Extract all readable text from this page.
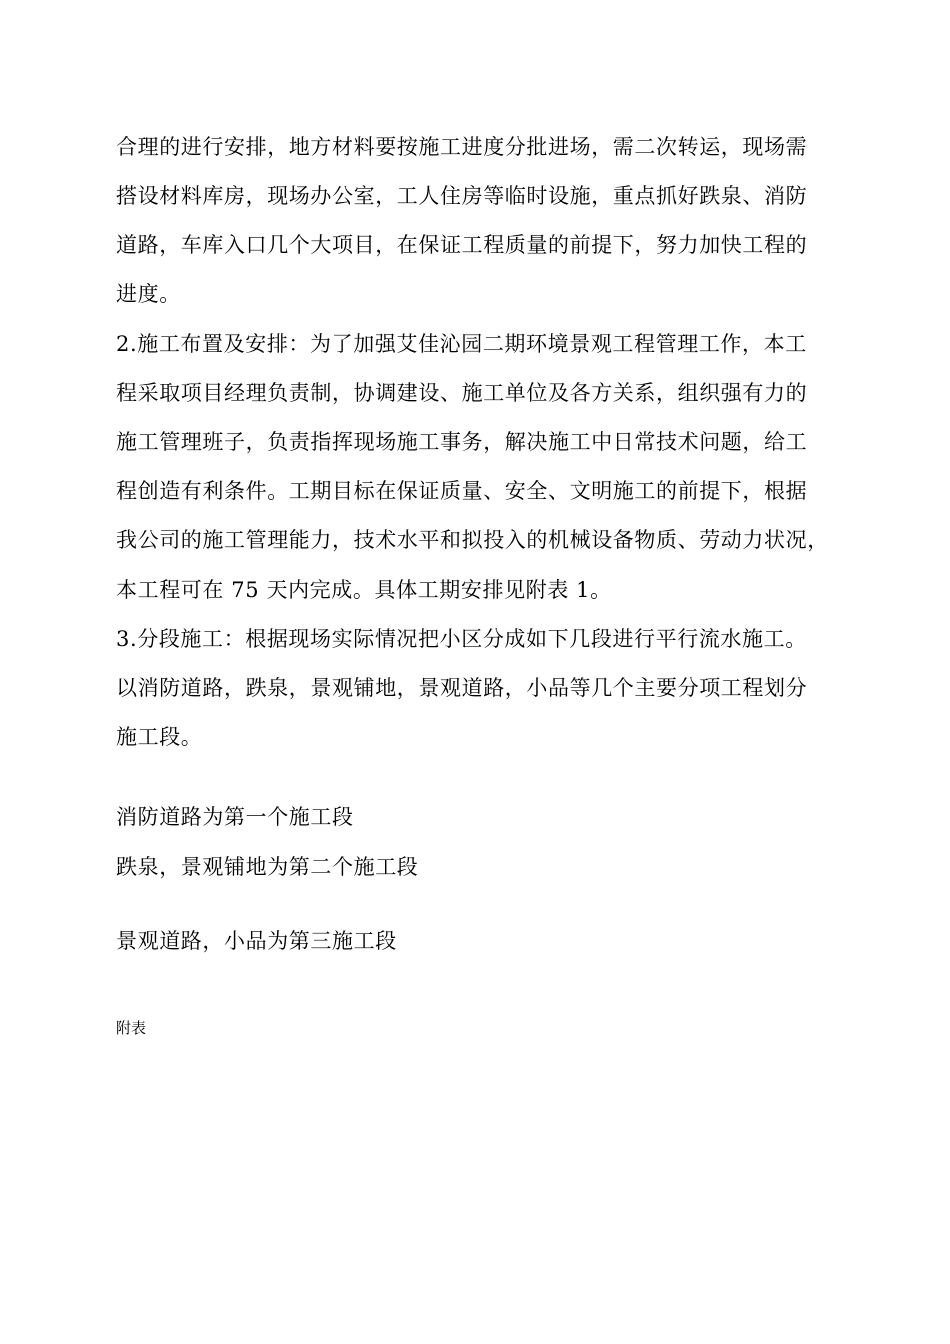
合理的进行安排，地方材料要按施工进度分批进场，需二次转运，现场需
搭设材料库房，现场办公室，工人住房等临时设施，重点抓好跌泉、消防
道路，车库入口几个大项目，在保证工程质量的前提下，努力加快工程的
进度。
2.施工布置及安排：为了加强艾佳沁园二期环境景观工程管理工作，本工
程采取项目经理负责制，协调建设、施工单位及各方关系，组织强有力的
施工管理班子，负责指挥现场施工事务，解决施工中日常技术问题，给工
程创造有利条件。工期目标在保证质量、安全、文明施工的前提下，根据
我公司的施工管理能力，技术水平和拟投入的机械设备物质、劳动力状况，
本工程可在 75 天内完成。具体工期安排见附表 1。
3.分段施工：根据现场实际情况把小区分成如下几段进行平行流水施工。
以消防道路，跌泉，景观铺地，景观道路，小品等几个主要分项工程划分
施工段。
消防道路为第一个施工段
跌泉，景观铺地为第二个施工段
景观道路，小品为第三施工段
附表
